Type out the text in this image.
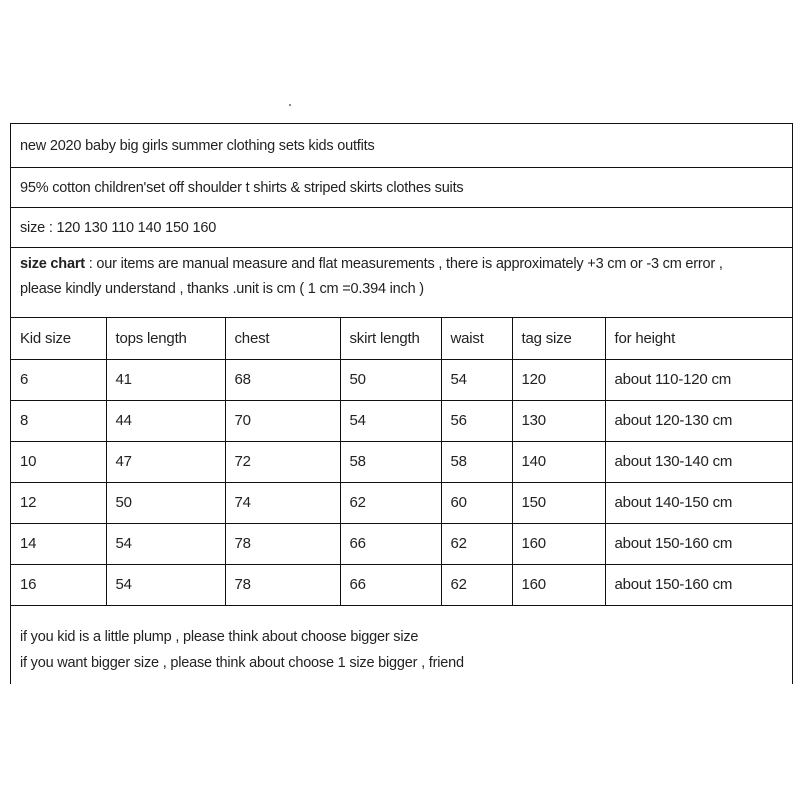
new 2020 baby big girls summer clothing sets kids outfits
95% cotton children'set off shoulder t shirts & striped skirts clothes suits
size : 120 130 110 140 150 160
size chart : our items are manual measure and flat measurements , there is approximately +3 cm or -3 cm error ,
please kindly understand , thanks .unit is cm ( 1 cm =0.394 inch )
Kid size	tops length	chest	skirt length	waist	tag size	for height
6	41	68	50	54	120	about 110-120 cm
8	44	70	54	56	130	about 120-130 cm
10	47	72	58	58	140	about 130-140 cm
12	50	74	62	60	150	about 140-150 cm
14	54	78	66	62	160	about 150-160 cm
16	54	78	66	62	160	about 150-160 cm
if you kid is a little plump , please think about choose bigger size
if you want bigger size , please think about choose 1 size bigger , friend
